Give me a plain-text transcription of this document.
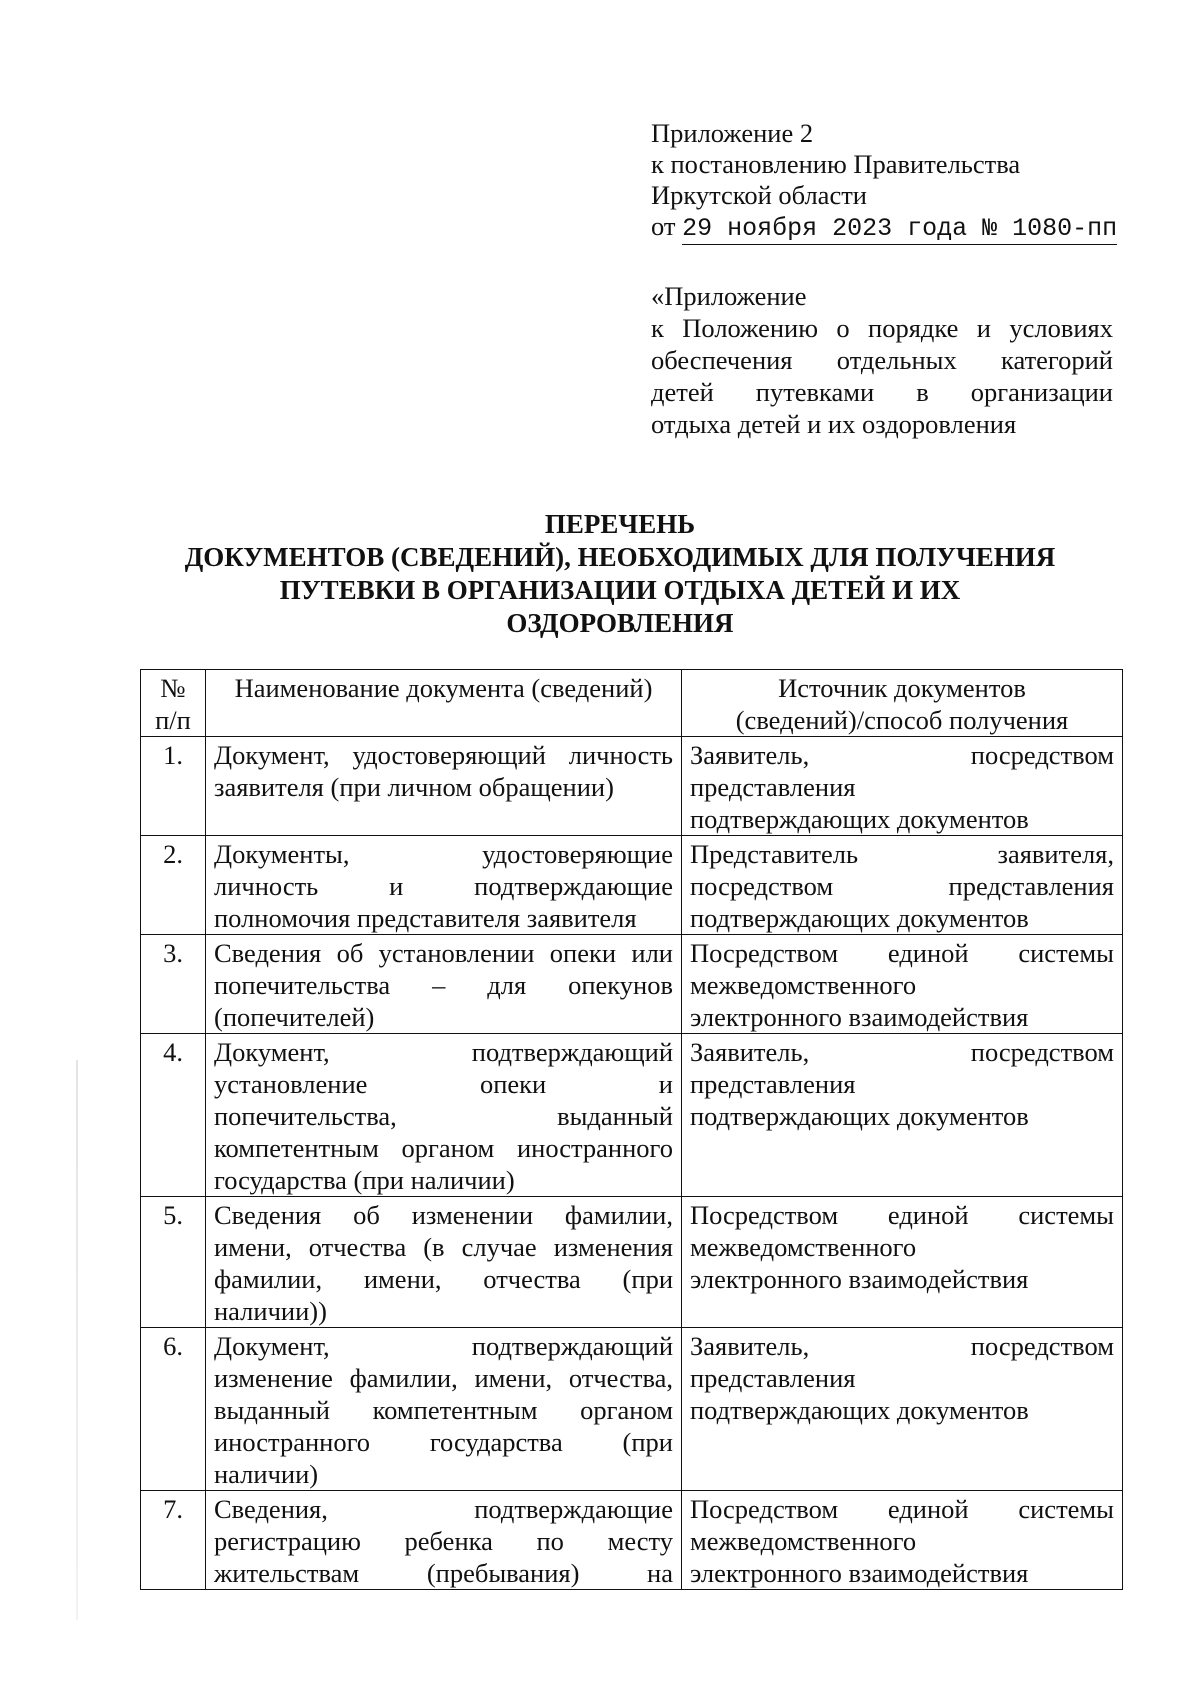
Приложение 2
к постановлению Правительства
Иркутской области
от 29 ноября 2023 года № 1080-пп
«Приложение
к Положению о порядке и условиях
обеспечения отдельных категорий
детей путевками в организации
отдыха детей и их оздоровления
ПЕРЕЧЕНЬ
ДОКУМЕНТОВ (СВЕДЕНИЙ), НЕОБХОДИМЫХ ДЛЯ ПОЛУЧЕНИЯ
ПУТЕВКИ В ОРГАНИЗАЦИИ ОТДЫХА ДЕТЕЙ И ИХ
ОЗДОРОВЛЕНИЯ
№
п/п	Наименование документа (сведений)	Источник документов
(сведений)/способ получения

1.	Документ, удостоверяющий личность
заявителя (при личном обращении)	Заявитель, посредством
представления
подтверждающих документов

2.	Документы, удостоверяющие
личность и подтверждающие
полномочия представителя заявителя	Представитель заявителя,
посредством представления
подтверждающих документов

3.	Сведения об установлении опеки или
попечительства – для опекунов
(попечителей)	Посредством единой системы
межведомственного
электронного взаимодействия

4.	Документ, подтверждающий
установление опеки и
попечительства, выданный
компетентным органом иностранного
государства (при наличии)	Заявитель, посредством
представления
подтверждающих документов

5.	Сведения об изменении фамилии,
имени, отчества (в случае изменения
фамилии, имени, отчества (при
наличии))	Посредством единой системы
межведомственного
электронного взаимодействия

6.	Документ, подтверждающий
изменение фамилии, имени, отчества,
выданный компетентным органом
иностранного государства (при
наличии)	Заявитель, посредством
представления
подтверждающих документов

7.	Сведения, подтверждающие
регистрацию ребенка по месту
жительствам (пребывания) на	Посредством единой системы
межведомственного
электронного взаимодействия
